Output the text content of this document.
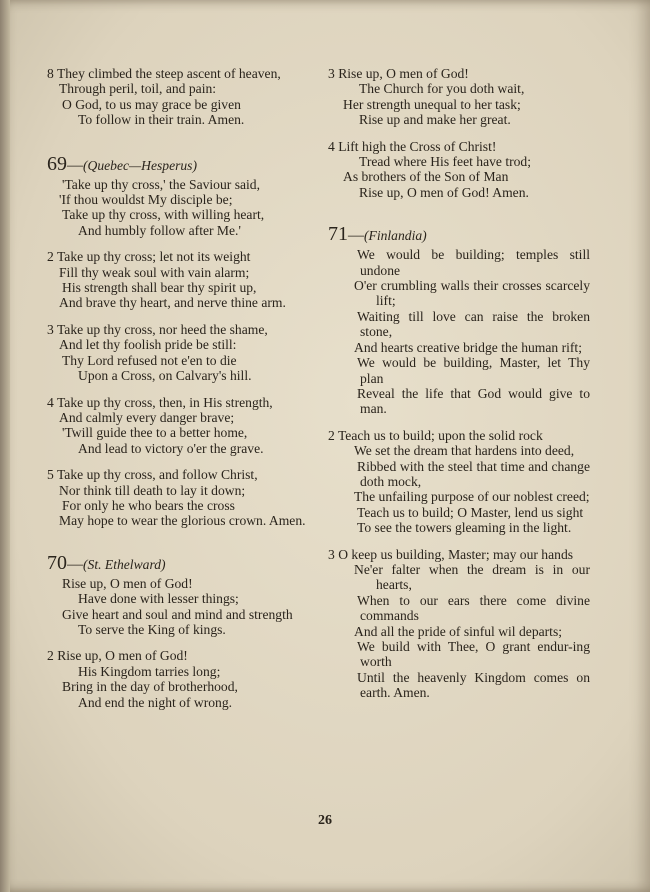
8 They climbed the steep ascent of heaven,

Through peril, toil, and pain:

O God, to us may grace be given

To follow in their train. Amen.

69—(Quebec—Hesperus)

'Take up thy cross,' the Saviour said,

'If thou wouldst My disciple be;

Take up thy cross, with willing heart,

And humbly follow after Me.'

2 Take up thy cross; let not its weight

Fill thy weak soul with vain alarm;

His strength shall bear thy spirit up,

And brave thy heart, and nerve thine arm.

3 Take up thy cross, nor heed the shame,

And let thy foolish pride be still:

Thy Lord refused not e'en to die

Upon a Cross, on Calvary's hill.

4 Take up thy cross, then, in His strength,

And calmly every danger brave;

'Twill guide thee to a better home,

And lead to victory o'er the grave.

5 Take up thy cross, and follow Christ,

Nor think till death to lay it down;

For only he who bears the cross

May hope to wear the glorious crown. Amen.

70—(St. Ethelward)

Rise up, O men of God!

Have done with lesser things;

Give heart and soul and mind and strength

To serve the King of kings.

2 Rise up, O men of God!

His Kingdom tarries long;

Bring in the day of brotherhood,

And end the night of wrong.

3 Rise up, O men of God!

The Church for you doth wait,

Her strength unequal to her task;

Rise up and make her great.

4 Lift high the Cross of Christ!

Tread where His feet have trod;

As brothers of the Son of Man

Rise up, O men of God! Amen.

71—(Finlandia)

We would be building; temples still undone

O'er crumbling walls their crosses scarcely lift;

Waiting till love can raise the broken stone,

And hearts creative bridge the human rift;

We would be building, Master, let Thy plan

Reveal the life that God would give to man.

2 Teach us to build; upon the solid rock

We set the dream that hardens into deed,

Ribbed with the steel that time and change doth mock,

The unfailing purpose of our noblest creed;

Teach us to build; O Master, lend us sight

To see the towers gleaming in the light.

3 O keep us building, Master; may our hands

Ne'er falter when the dream is in our hearts,

When to our ears there come divine commands

And all the pride of sinful wil departs;

We build with Thee, O grant endur-ing worth

Until the heavenly Kingdom comes on earth. Amen.

26
